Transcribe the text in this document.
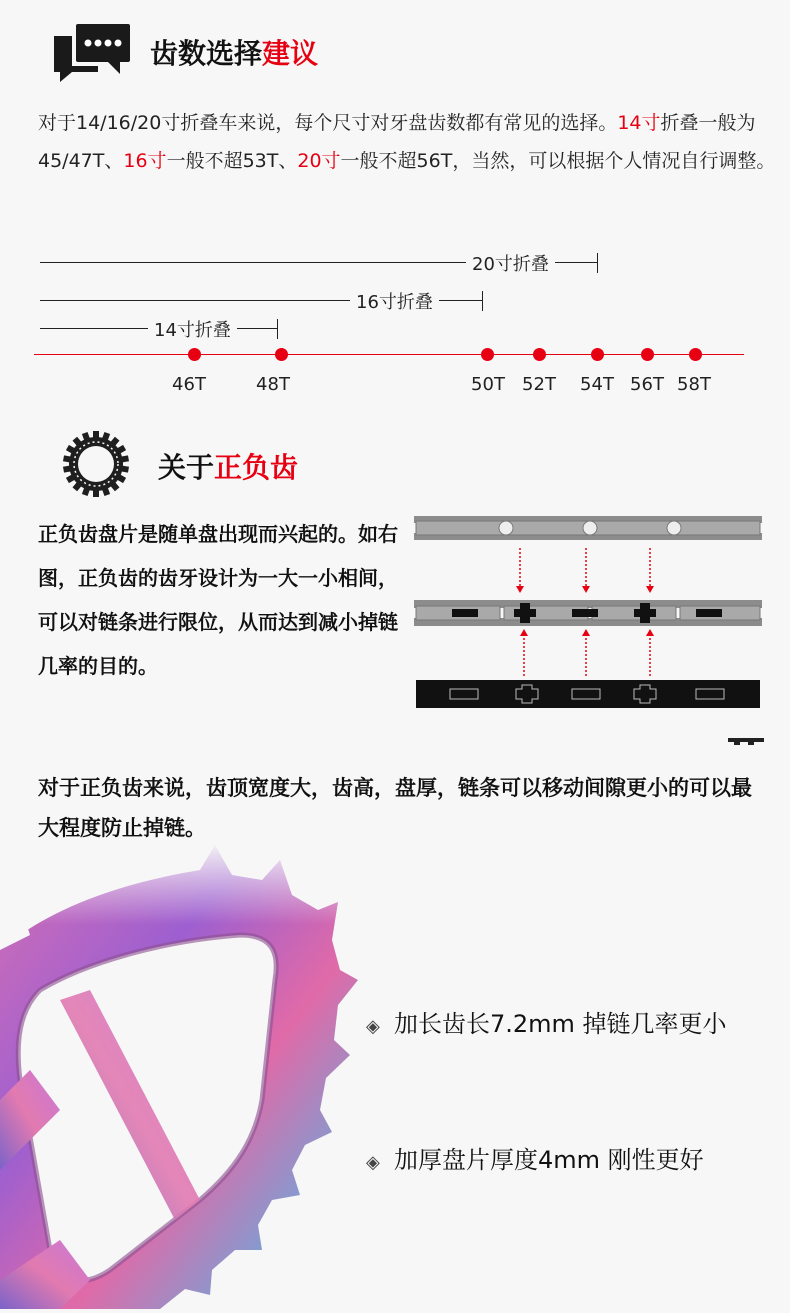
齿数选择建议
对于14/16/20寸折叠车来说，每个尺寸对牙盘齿数都有常见的选择。14寸折叠一般为45/47T、16寸一般不超53T、20寸一般不超56T，当然，可以根据个人情况自行调整。
20寸折叠
16寸折叠
14寸折叠
46T	48T	50T 52T	54T 56T 58T
关于正负齿
正负齿盘片是随单盘出现而兴起的。如右图，正负齿的齿牙设计为一大一小相间，可以对链条进行限位，从而达到减小掉链几率的目的。
对于正负齿来说，齿顶宽度大，齿高，盘厚，链条可以移动间隙更小的可以最大程度防止掉链。
◈ 加长齿长7.2mm 掉链几率更小
◈ 加厚盘片厚度4mm 刚性更好
